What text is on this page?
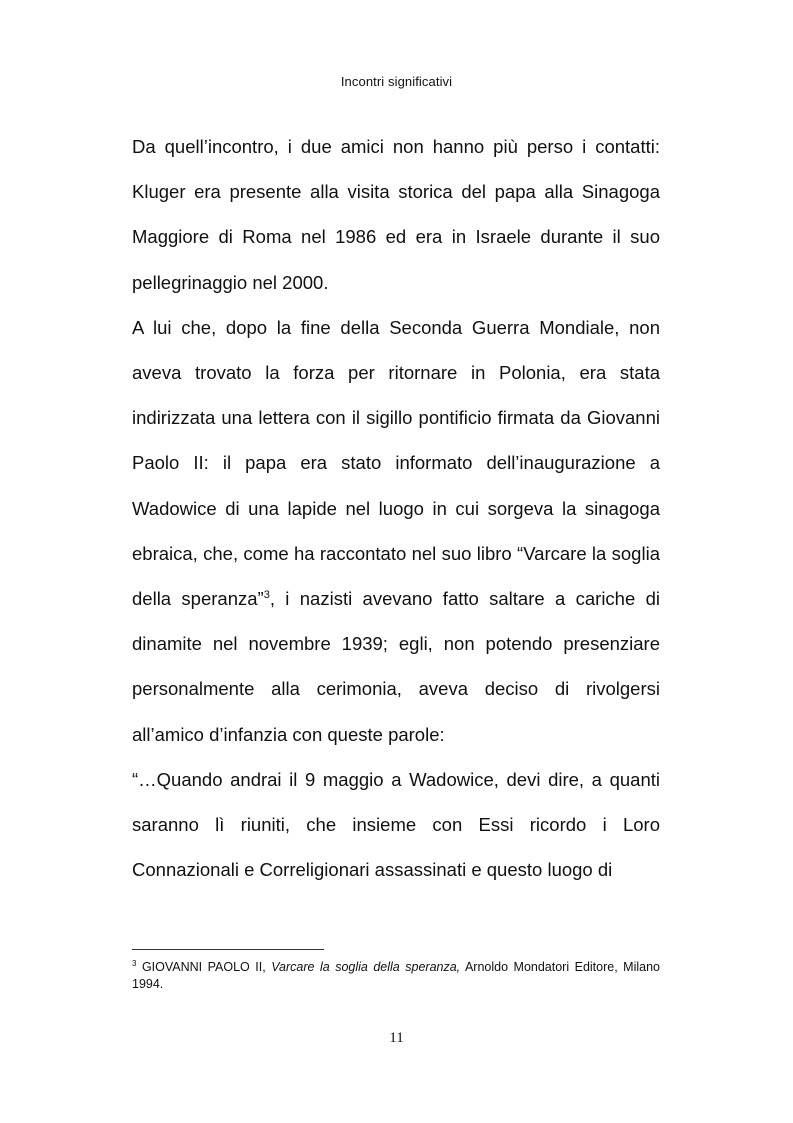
Incontri significativi

Da quell’incontro, i due amici non hanno più perso i contatti: Kluger era presente alla visita storica del papa alla Sinagoga Maggiore di Roma nel 1986 ed era in Israele durante il suo pellegrinaggio nel 2000.

A lui che, dopo la fine della Seconda Guerra Mondiale, non aveva trovato la forza per ritornare in Polonia, era stata indirizzata una lettera con il sigillo pontificio firmata da Giovanni Paolo II: il papa era stato informato dell’inaugurazione a Wadowice di una lapide nel luogo in cui sorgeva la sinagoga ebraica, che, come ha raccontato nel suo libro “Varcare la soglia della speranza”$^3$, i nazisti avevano fatto saltare a cariche di dinamite nel novembre 1939; egli, non potendo presenziare personalmente alla cerimonia, aveva deciso di rivolgersi all’amico d’infanzia con queste parole:

“…Quando andrai il 9 maggio a Wadowice, devi dire, a quanti saranno lì riuniti, che insieme con Essi ricordo i Loro Connazionali e Correligionari assassinati e questo luogo di

$^3$ GIOVANNI PAOLO II, Varcare la soglia della speranza, Arnoldo Mondatori Editore, Milano 1994.
11
